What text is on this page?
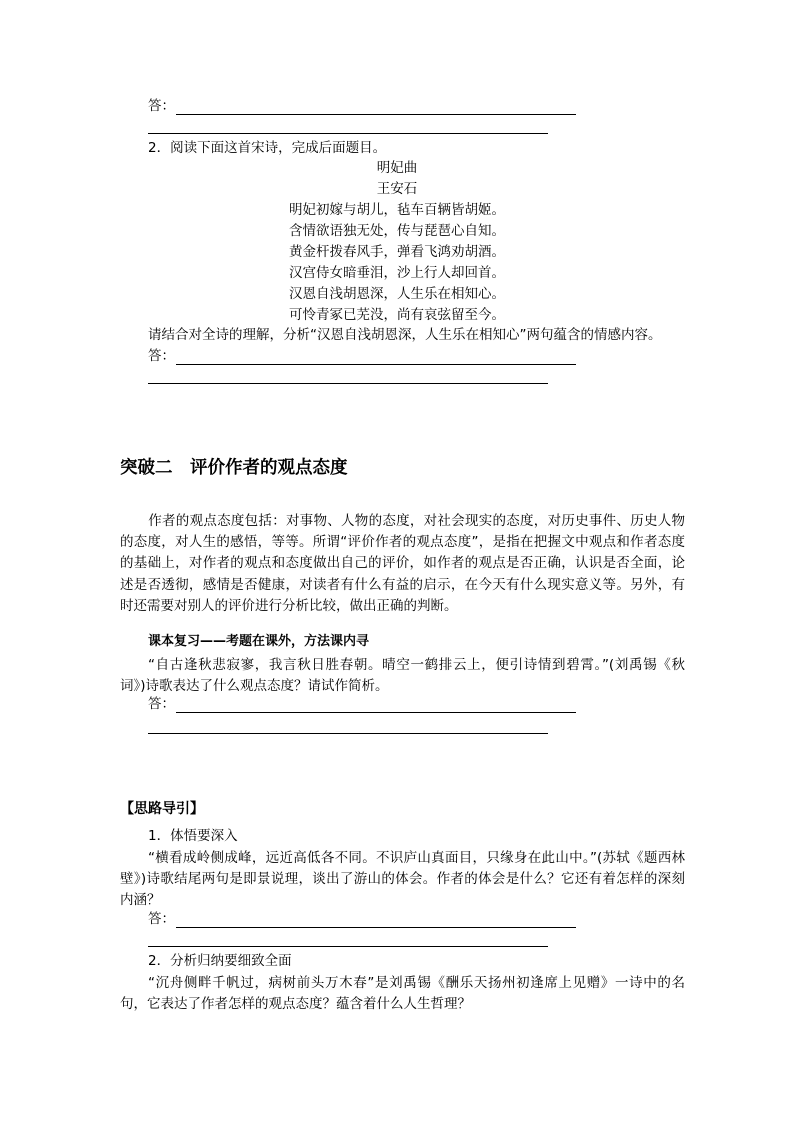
答：
2．阅读下面这首宋诗，完成后面题目。
明妃曲
王安石
明妃初嫁与胡儿，毡车百辆皆胡姬。
含情欲语独无处，传与琵琶心自知。
黄金杆拨春风手，弹看飞鸿劝胡酒。
汉宫侍女暗垂泪，沙上行人却回首。
汉恩自浅胡恩深，人生乐在相知心。
可怜青冢已芜没，尚有哀弦留至今。
请结合对全诗的理解，分析“汉恩自浅胡恩深，人生乐在相知心”两句蕴含的情感内容。
答：
突破二　评价作者的观点态度
作者的观点态度包括：对事物、人物的态度，对社会现实的态度，对历史事件、历史人物的态度，对人生的感悟，等等。所谓“评价作者的观点态度”，是指在把握文中观点和作者态度的基础上，对作者的观点和态度做出自己的评价，如作者的观点是否正确，认识是否全面，论述是否透彻，感情是否健康，对读者有什么有益的启示，在今天有什么现实意义等。另外，有时还需要对别人的评价进行分析比较，做出正确的判断。
课本复习——考题在课外，方法课内寻
“自古逢秋悲寂寥，我言秋日胜春朝。晴空一鹤排云上，便引诗情到碧霄。”(刘禹锡《秋词》)诗歌表达了什么观点态度？请试作简析。
答：
【思路导引】
1．体悟要深入
“横看成岭侧成峰，远近高低各不同。不识庐山真面目，只缘身在此山中。”(苏轼《题西林壁》)诗歌结尾两句是即景说理，谈出了游山的体会。作者的体会是什么？它还有着怎样的深刻内涵？
答：
2．分析归纳要细致全面
“沉舟侧畔千帆过，病树前头万木春”是刘禹锡《酬乐天扬州初逢席上见赠》一诗中的名句，它表达了作者怎样的观点态度？蕴含着什么人生哲理？
